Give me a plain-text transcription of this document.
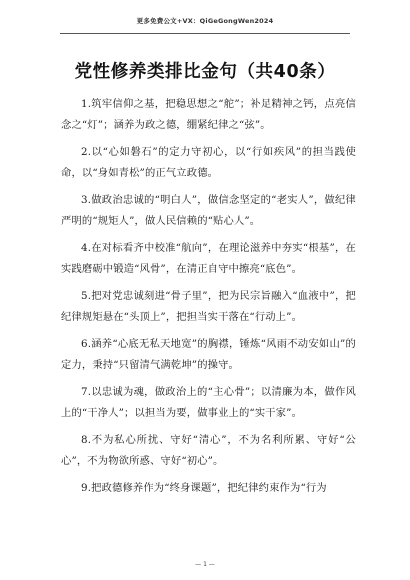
更多免费公文+VX：QiGeGongWen2024
党性修养类排比金句（共40条）

1.筑牢信仰之基，把稳思想之“舵”；补足精神之钙，点亮信念之“灯”；涵养为政之德，绷紧纪律之“弦”。

2.以“心如磐石”的定力守初心，以“行如疾风”的担当践使命，以“身如青松”的正气立政德。

3.做政治忠诚的“明白人”，做信念坚定的“老实人”，做纪律严明的“规矩人”，做人民信赖的“贴心人”。

4.在对标看齐中校准“航向”，在理论滋养中夯实“根基”，在实践磨砺中锻造“风骨”，在清正自守中擦亮“底色”。

5.把对党忠诚刻进“骨子里”，把为民宗旨融入“血液中”，把纪律规矩悬在“头顶上”，把担当实干落在“行动上”。

6.涵养“心底无私天地宽”的胸襟，锤炼“风雨不动安如山”的定力，秉持“只留清气满乾坤”的操守。

7.以忠诚为魂，做政治上的“主心骨”；以清廉为本，做作风上的“干净人”；以担当为要，做事业上的“实干家”。

8.不为私心所扰、守好“清心”，不为名利所累、守好“公心”，不为物欲所惑、守好“初心”。

9.把政德修养作为“终身课题”，把纪律约束作为“行为

— 1 —
